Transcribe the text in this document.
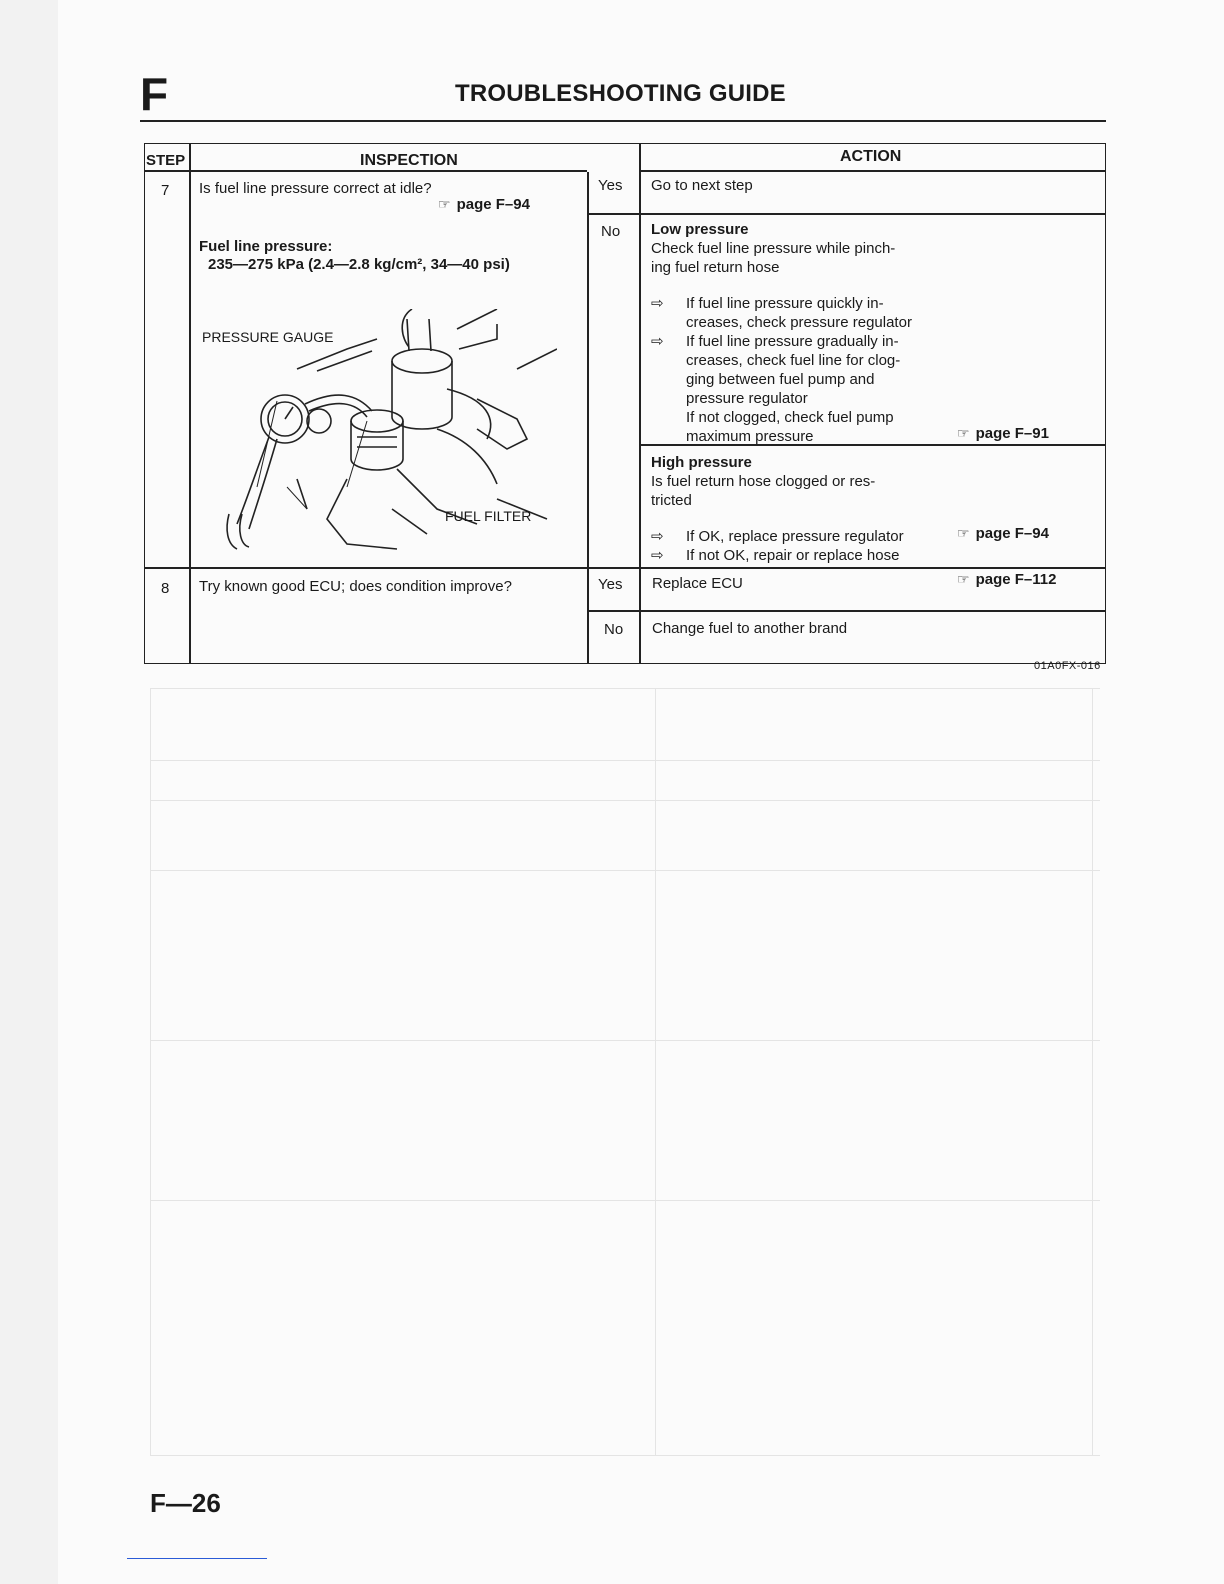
F	TROUBLESHOOTING GUIDE
STEP	INSPECTION	ACTION
7 Is fuel line pressure correct at idle?
☞ page F–94
Fuel line pressure:
235—275 kPa (2.4—2.8 kg/cm², 34—40 psi)
PRESSURE GAUGE
FUEL FILTER
Yes Go to next step
No Low pressure
Check fuel line pressure while pinch-
ing fuel return hose
⇨ If fuel line pressure quickly in-
creases, check pressure regulator
⇨ If fuel line pressure gradually in-
creases, check fuel line for clog-
ging between fuel pump and
pressure regulator
If not clogged, check fuel pump
maximum pressure	☞ page F–91
High pressure
Is fuel return hose clogged or res-
tricted
⇨ If OK, replace pressure regulator	☞ page F–94
⇨ If not OK, repair or replace hose
8 Try known good ECU; does condition improve?	Yes Replace ECU	☞ page F–112
No Change fuel to another brand
01A0FX-016
F—26
